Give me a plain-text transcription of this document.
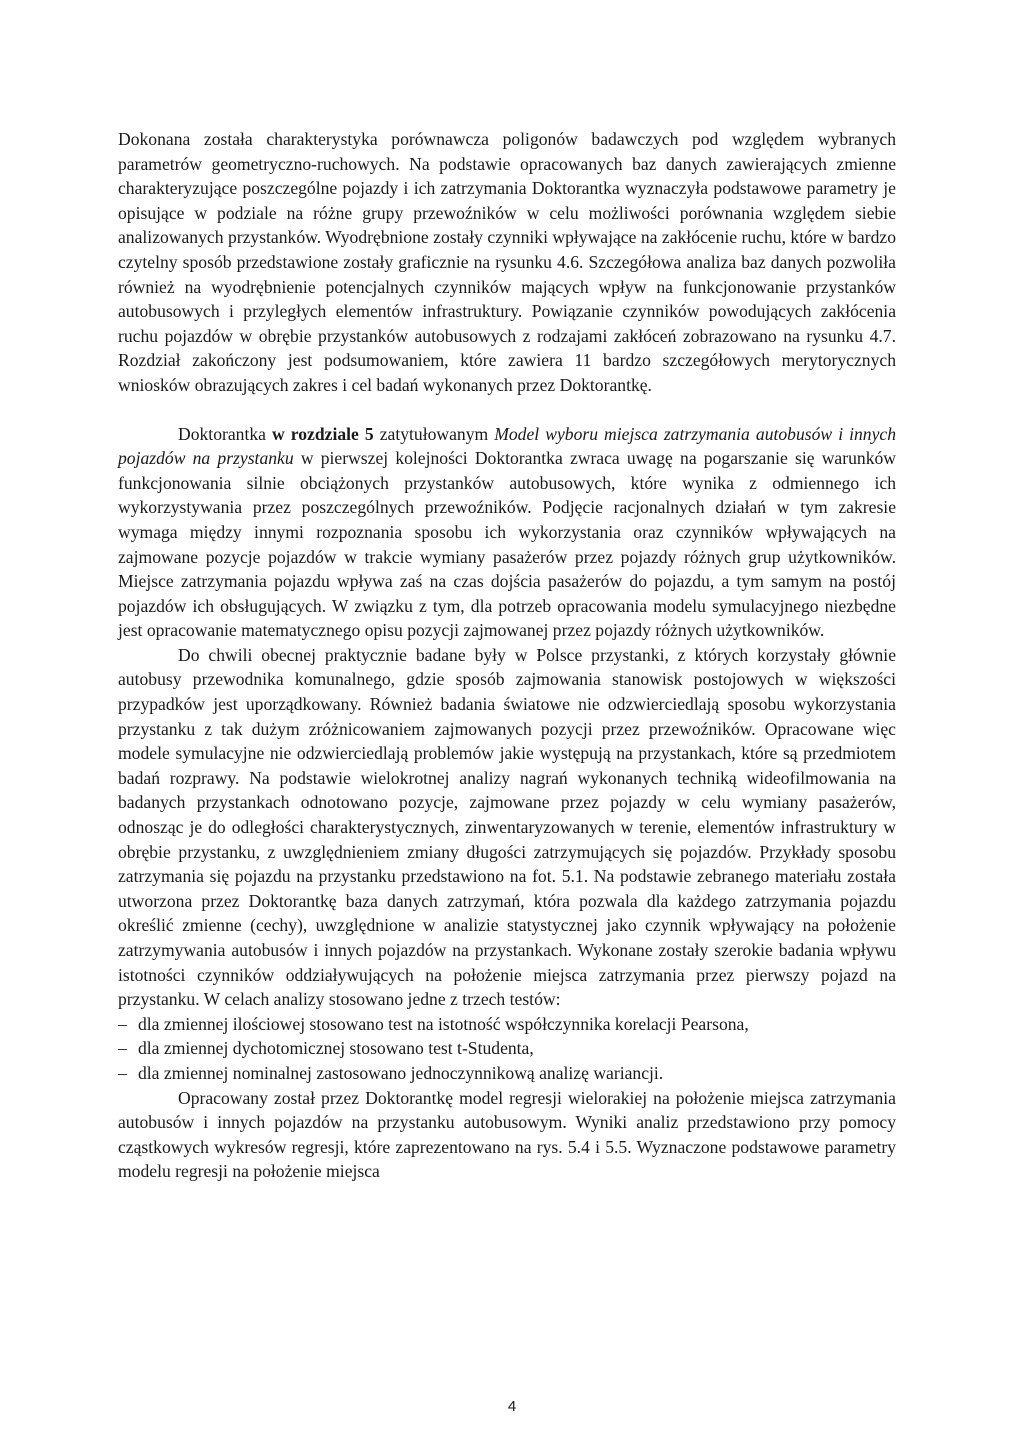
Dokonana została charakterystyka porównawcza poligonów badawczych pod względem wybranych parametrów geometryczno-ruchowych. Na podstawie opracowanych baz danych zawierających zmienne charakteryzujące poszczególne pojazdy i ich zatrzymania Doktorantka wyznaczyła podstawowe parametry je opisujące w podziale na różne grupy przewoźników w celu możliwości porównania względem siebie analizowanych przystanków. Wyodrębnione zostały czynniki wpływające na zakłócenie ruchu, które w bardzo czytelny sposób przedstawione zostały graficznie na rysunku 4.6. Szczegółowa analiza baz danych pozwoliła również na wyodrębnienie potencjalnych czynników mających wpływ na funkcjonowanie przystanków autobusowych i przyległych elementów infrastruktury. Powiązanie czynników powodujących zakłócenia ruchu pojazdów w obrębie przystanków autobusowych z rodzajami zakłóceń zobrazowano na rysunku 4.7. Rozdział zakończony jest podsumowaniem, które zawiera 11 bardzo szczegółowych merytorycznych wniosków obrazujących zakres i cel badań wykonanych przez Doktorantkę.

Doktorantka w rozdziale 5 zatytułowanym Model wyboru miejsca zatrzymania autobusów i innych pojazdów na przystanku w pierwszej kolejności Doktorantka zwraca uwagę na pogarszanie się warunków funkcjonowania silnie obciążonych przystanków autobusowych, które wynika z odmiennego ich wykorzystywania przez poszczególnych przewoźników. Podjęcie racjonalnych działań w tym zakresie wymaga między innymi rozpoznania sposobu ich wykorzystania oraz czynników wpływających na zajmowane pozycje pojazdów w trakcie wymiany pasażerów przez pojazdy różnych grup użytkowników. Miejsce zatrzymania pojazdu wpływa zaś na czas dojścia pasażerów do pojazdu, a tym samym na postój pojazdów ich obsługujących. W związku z tym, dla potrzeb opracowania modelu symulacyjnego niezbędne jest opracowanie matematycznego opisu pozycji zajmowanej przez pojazdy różnych użytkowników.

Do chwili obecnej praktycznie badane były w Polsce przystanki, z których korzystały głównie autobusy przewodnika komunalnego, gdzie sposób zajmowania stanowisk postojowych w większości przypadków jest uporządkowany. Również badania światowe nie odzwierciedlają sposobu wykorzystania przystanku z tak dużym zróżnicowaniem zajmowanych pozycji przez przewoźników. Opracowane więc modele symulacyjne nie odzwierciedlają problemów jakie występują na przystankach, które są przedmiotem badań rozprawy. Na podstawie wielokrotnej analizy nagrań wykonanych techniką wideofilmowania na badanych przystankach odnotowano pozycje, zajmowane przez pojazdy w celu wymiany pasażerów, odnosząc je do odległości charakterystycznych, zinwentaryzowanych w terenie, elementów infrastruktury w obrębie przystanku, z uwzględnieniem zmiany długości zatrzymujących się pojazdów. Przykłady sposobu zatrzymania się pojazdu na przystanku przedstawiono na fot. 5.1. Na podstawie zebranego materiału została utworzona przez Doktorantkę baza danych zatrzymań, która pozwala dla każdego zatrzymania pojazdu określić zmienne (cechy), uwzględnione w analizie statystycznej jako czynnik wpływający na położenie zatrzymywania autobusów i innych pojazdów na przystankach. Wykonane zostały szerokie badania wpływu istotności czynników oddziaływujących na położenie miejsca zatrzymania przez pierwszy pojazd na przystanku. W celach analizy stosowano jedne z trzech testów:

– dla zmiennej ilościowej stosowano test na istotność współczynnika korelacji Pearsona,
– dla zmiennej dychotomicznej stosowano test t-Studenta,
– dla zmiennej nominalnej zastosowano jednoczynnikową analizę wariancji.

Opracowany został przez Doktorantkę model regresji wielorakiej na położenie miejsca zatrzymania autobusów i innych pojazdów na przystanku autobusowym. Wyniki analiz przedstawiono przy pomocy cząstkowych wykresów regresji, które zaprezentowano na rys. 5.4 i 5.5. Wyznaczone podstawowe parametry modelu regresji na położenie miejsca

4
